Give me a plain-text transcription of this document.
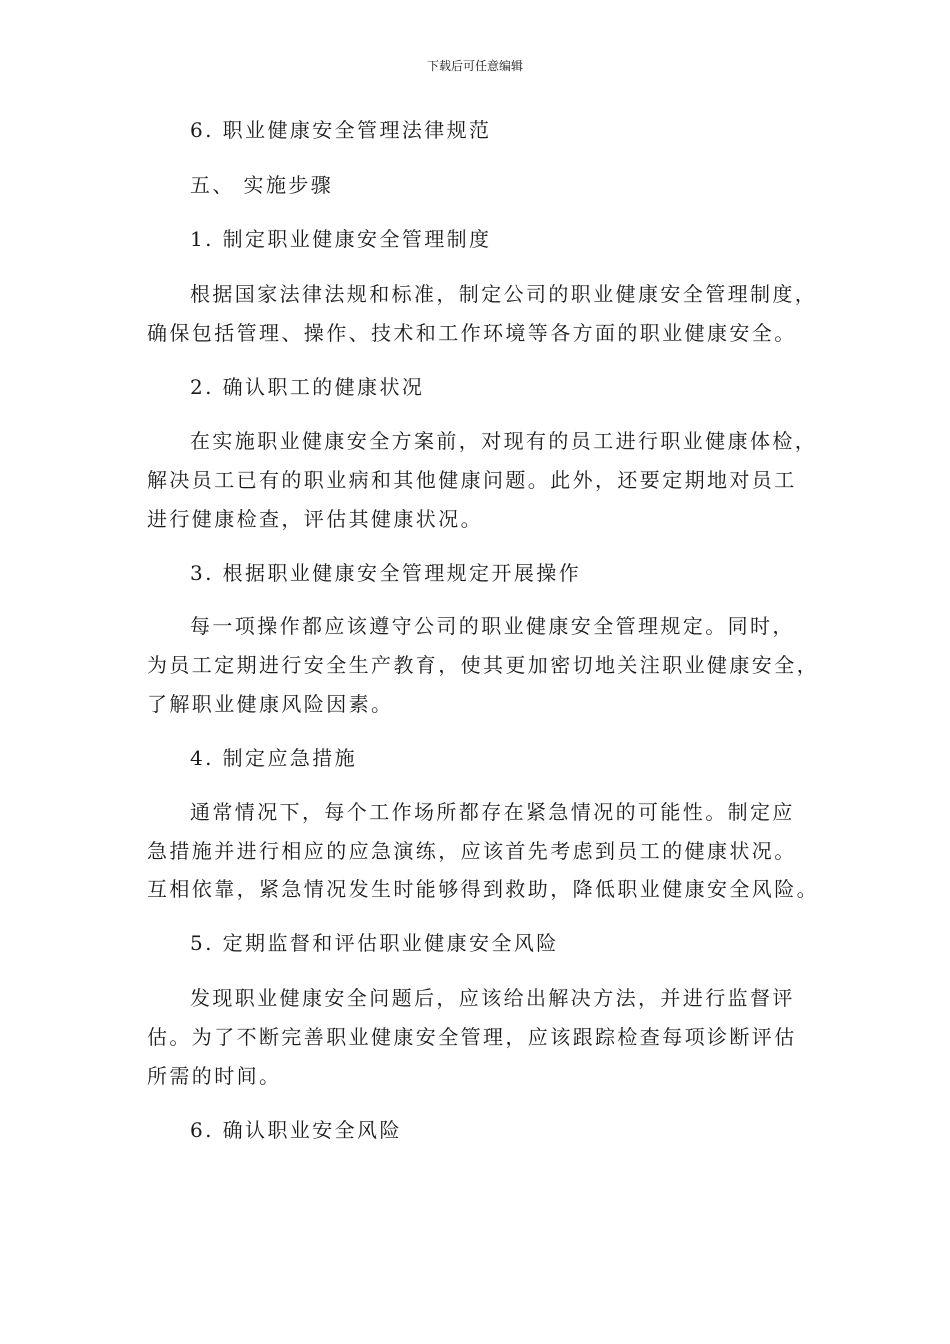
下载后可任意编辑
6. 职业健康安全管理法律规范
五、 实施步骤
1. 制定职业健康安全管理制度
根据国家法律法规和标准，制定公司的职业健康安全管理制度，
确保包括管理、操作、技术和工作环境等各方面的职业健康安全。
2. 确认职工的健康状况
在实施职业健康安全方案前，对现有的员工进行职业健康体检，
解决员工已有的职业病和其他健康问题。此外，还要定期地对员工
进行健康检查，评估其健康状况。
3. 根据职业健康安全管理规定开展操作
每一项操作都应该遵守公司的职业健康安全管理规定。同时，
为员工定期进行安全生产教育，使其更加密切地关注职业健康安全，
了解职业健康风险因素。
4. 制定应急措施
通常情况下，每个工作场所都存在紧急情况的可能性。制定应
急措施并进行相应的应急演练，应该首先考虑到员工的健康状况。
互相依靠，紧急情况发生时能够得到救助，降低职业健康安全风险。
5. 定期监督和评估职业健康安全风险
发现职业健康安全问题后，应该给出解决方法，并进行监督评
估。为了不断完善职业健康安全管理，应该跟踪检查每项诊断评估
所需的时间。
6. 确认职业安全风险
